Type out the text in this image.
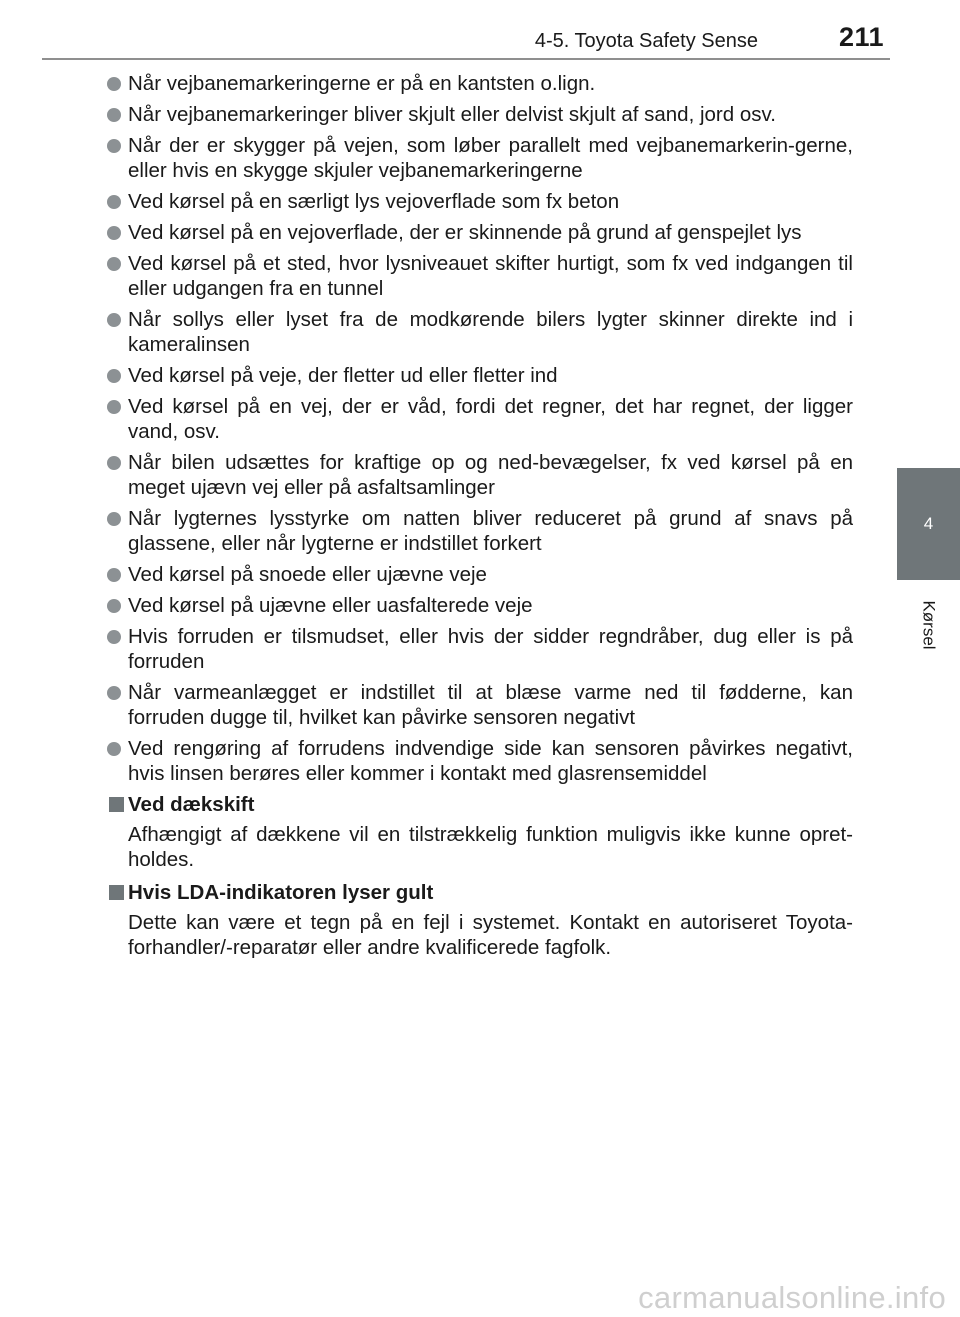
4-5. Toyota Safety Sense	211
4
Kørsel
Når vejbanemarkeringerne er på en kantsten o.lign.
Når vejbanemarkeringer bliver skjult eller delvist skjult af sand, jord osv.
Når der er skygger på vejen, som løber parallelt med vejbanemarkerin-gerne, eller hvis en skygge skjuler vejbanemarkeringerne
Ved kørsel på en særligt lys vejoverflade som fx beton
Ved kørsel på en vejoverflade, der er skinnende på grund af genspejlet lys
Ved kørsel på et sted, hvor lysniveauet skifter hurtigt, som fx ved indgangen til eller udgangen fra en tunnel
Når sollys eller lyset fra de modkørende bilers lygter skinner direkte ind i kameralinsen
Ved kørsel på veje, der fletter ud eller fletter ind
Ved kørsel på en vej, der er våd, fordi det regner, det har regnet, der ligger vand, osv.
Når bilen udsættes for kraftige op og ned-bevægelser, fx ved kørsel på en meget ujævn vej eller på asfaltsamlinger
Når lygternes lysstyrke om natten bliver reduceret på grund af snavs på glassene, eller når lygterne er indstillet forkert
Ved kørsel på snoede eller ujævne veje
Ved kørsel på ujævne eller uasfalterede veje
Hvis forruden er tilsmudset, eller hvis der sidder regndråber, dug eller is på forruden
Når varmeanlægget er indstillet til at blæse varme ned til fødderne, kan forruden dugge til, hvilket kan påvirke sensoren negativt
Ved rengøring af forrudens indvendige side kan sensoren påvirkes negativt, hvis linsen berøres eller kommer i kontakt med glasrensemiddel
Ved dækskift
Afhængigt af dækkene vil en tilstrækkelig funktion muligvis ikke kunne opret-holdes.
Hvis LDA-indikatoren lyser gult
Dette kan være et tegn på en fejl i systemet. Kontakt en autoriseret Toyota-forhandler/-reparatør eller andre kvalificerede fagfolk.
carmanualsonline.info
